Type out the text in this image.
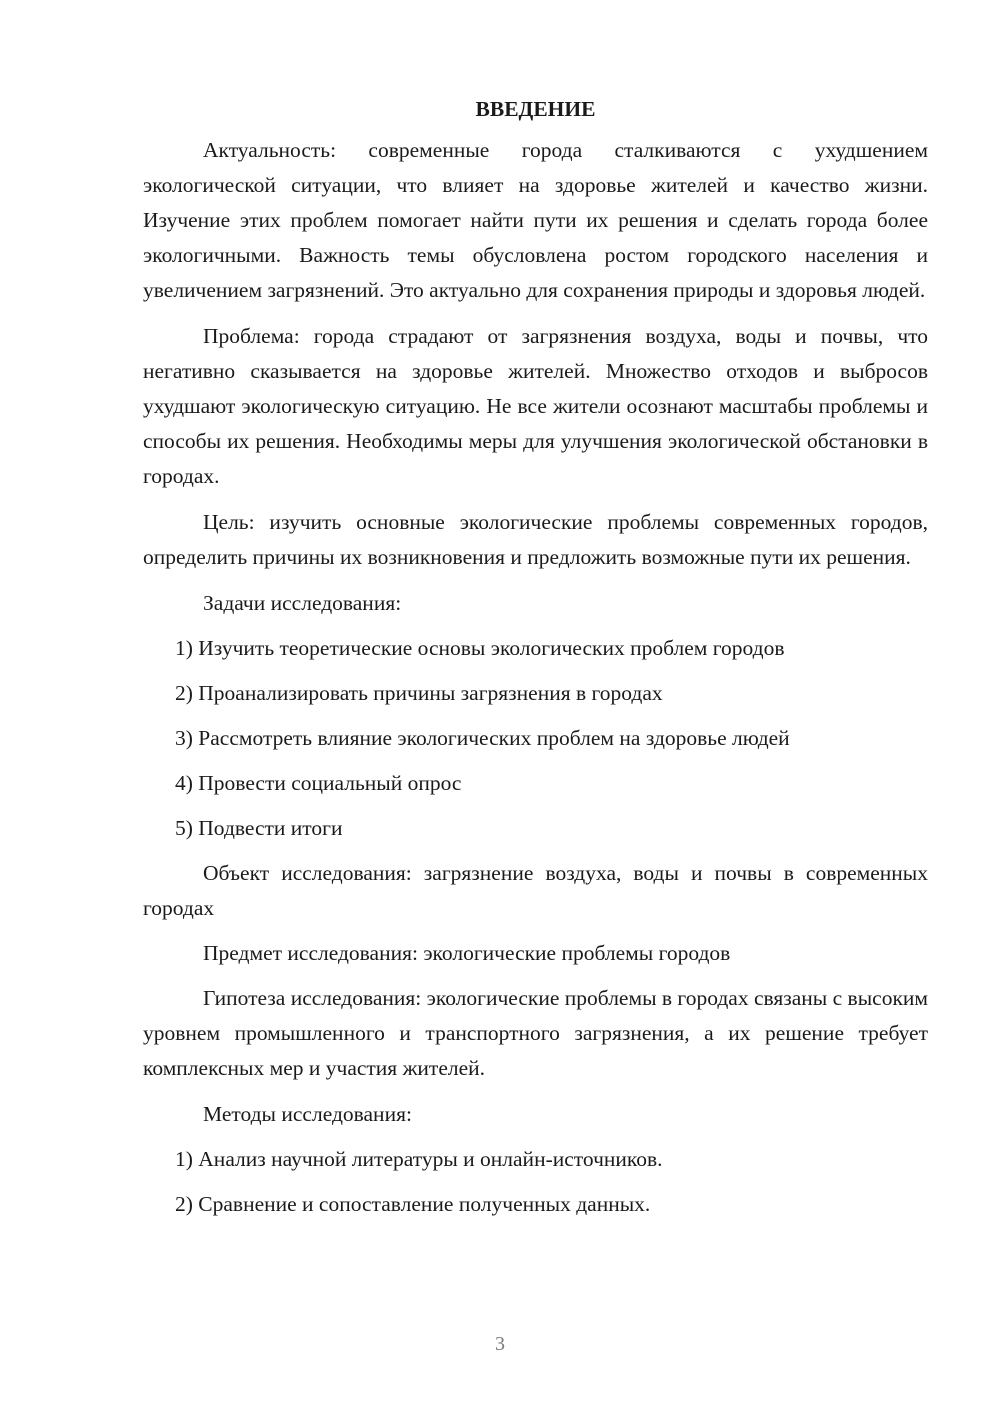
ВВЕДЕНИЕ

Актуальность: современные города сталкиваются с ухудшением экологической ситуации, что влияет на здоровье жителей и качество жизни. Изучение этих проблем помогает найти пути их решения и сделать города более экологичными. Важность темы обусловлена ростом городского населения и увеличением загрязнений. Это актуально для сохранения природы и здоровья людей.

Проблема: города страдают от загрязнения воздуха, воды и почвы, что негативно сказывается на здоровье жителей. Множество отходов и выбросов ухудшают экологическую ситуацию. Не все жители осознают масштабы проблемы и способы их решения. Необходимы меры для улучшения экологической обстановки в городах.

Цель: изучить основные экологические проблемы современных городов, определить причины их возникновения и предложить возможные пути их решения.

Задачи исследования:

1) Изучить теоретические основы экологических проблем городов

2) Проанализировать причины загрязнения в городах

3) Рассмотреть влияние экологических проблем на здоровье людей

4) Провести социальный опрос

5) Подвести итоги

Объект исследования: загрязнение воздуха, воды и почвы в современных городах

Предмет исследования: экологические проблемы городов

Гипотеза исследования: экологические проблемы в городах связаны с высоким уровнем промышленного и транспортного загрязнения, а их решение требует комплексных мер и участия жителей.

Методы исследования:

1) Анализ научной литературы и онлайн-источников.

2) Сравнение и сопоставление полученных данных.

3
